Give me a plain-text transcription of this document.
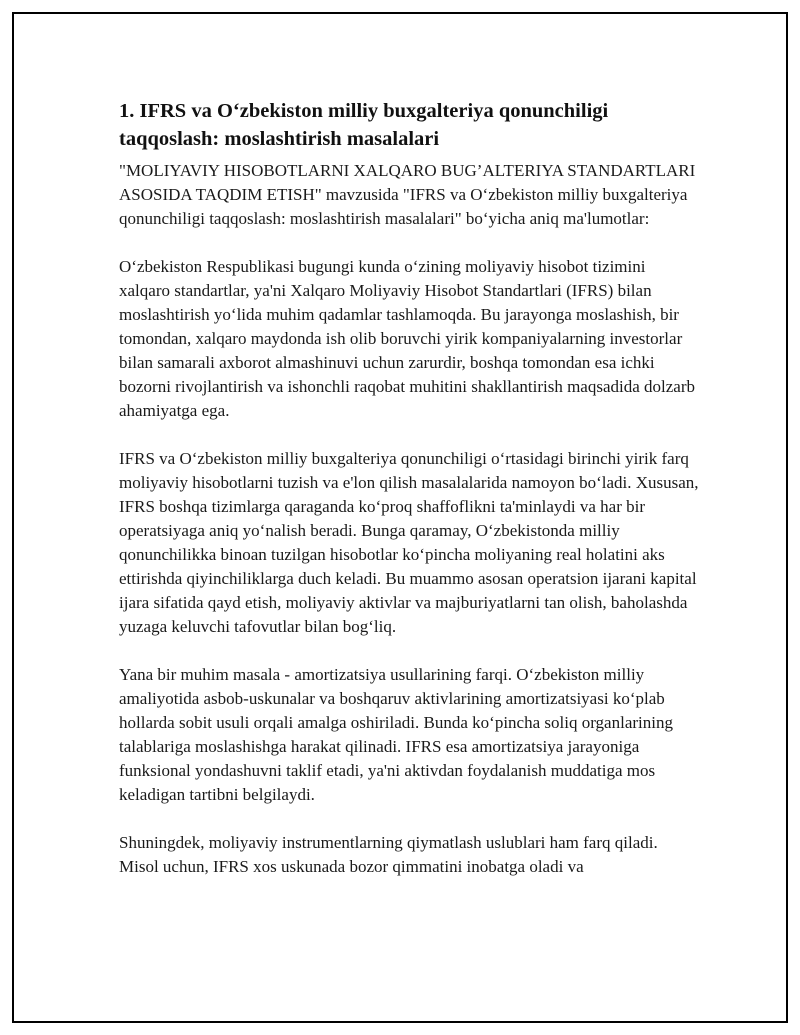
1. IFRS va O‘zbekiston milliy buxgalteriya qonunchiligi taqqoslash: moslashtirish masalalari

"MOLIYAVIY HISOBOTLARNI XALQARO BUG’ALTERIYA STANDARTLARI ASOSIDA TAQDIM ETISH" mavzusida "IFRS va O‘zbekiston milliy buxgalteriya qonunchiligi taqqoslash: moslashtirish masalalari" bo‘yicha aniq ma'lumotlar:

O‘zbekiston Respublikasi bugungi kunda o‘zining moliyaviy hisobot tizimini xalqaro standartlar, ya'ni Xalqaro Moliyaviy Hisobot Standartlari (IFRS) bilan moslashtirish yo‘lida muhim qadamlar tashlamoqda. Bu jarayonga moslashish, bir tomondan, xalqaro maydonda ish olib boruvchi yirik kompaniyalarning investorlar bilan samarali axborot almashinuvi uchun zarurdir, boshqa tomondan esa ichki bozorni rivojlantirish va ishonchli raqobat muhitini shakllantirish maqsadida dolzarb ahamiyatga ega.

IFRS va O‘zbekiston milliy buxgalteriya qonunchiligi o‘rtasidagi birinchi yirik farq moliyaviy hisobotlarni tuzish va e'lon qilish masalalarida namoyon bo‘ladi. Xususan, IFRS boshqa tizimlarga qaraganda ko‘proq shaffoflikni ta'minlaydi va har bir operatsiyaga aniq yo‘nalish beradi. Bunga qaramay, O‘zbekistonda milliy qonunchilikka binoan tuzilgan hisobotlar ko‘pincha moliyaning real holatini aks ettirishda qiyinchiliklarga duch keladi. Bu muammo asosan operatsion ijarani kapital ijara sifatida qayd etish, moliyaviy aktivlar va majburiyatlarni tan olish, baholashda yuzaga keluvchi tafovutlar bilan bog‘liq.

Yana bir muhim masala - amortizatsiya usullarining farqi. O‘zbekiston milliy amaliyotida asbob-uskunalar va boshqaruv aktivlarining amortizatsiyasi ko‘plab hollarda sobit usuli orqali amalga oshiriladi. Bunda ko‘pincha soliq organlarining talablariga moslashishga harakat qilinadi. IFRS esa amortizatsiya jarayoniga funksional yondashuvni taklif etadi, ya'ni aktivdan foydalanish muddatiga mos keladigan tartibni belgilaydi.

Shuningdek, moliyaviy instrumentlarning qiymatlash uslublari ham farq qiladi. Misol uchun, IFRS xos uskunada bozor qimmatini inobatga oladi va
